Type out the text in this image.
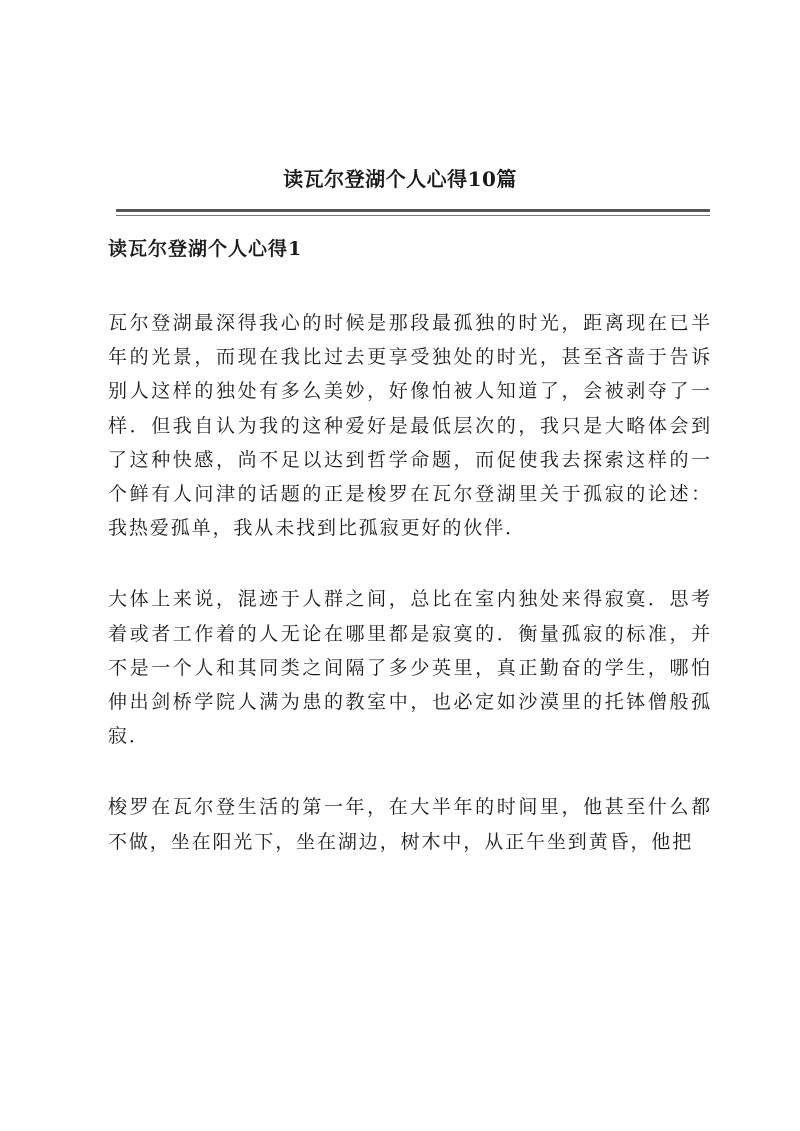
读瓦尔登湖个人心得10篇
读瓦尔登湖个人心得1

瓦尔登湖最深得我心的时候是那段最孤独的时光，距离现在已半年的光景，而现在我比过去更享受独处的时光，甚至吝啬于告诉别人这样的独处有多么美妙，好像怕被人知道了，会被剥夺了一样．但我自认为我的这种爱好是最低层次的，我只是大略体会到了这种快感，尚不足以达到哲学命题，而促使我去探索这样的一个鲜有人问津的话题的正是梭罗在瓦尔登湖里关于孤寂的论述：我热爱孤单，我从未找到比孤寂更好的伙伴．

大体上来说，混迹于人群之间，总比在室内独处来得寂寞．思考着或者工作着的人无论在哪里都是寂寞的．衡量孤寂的标准，并不是一个人和其同类之间隔了多少英里，真正勤奋的学生，哪怕伸出剑桥学院人满为患的教室中，也必定如沙漠里的托钵僧般孤寂．

梭罗在瓦尔登生活的第一年，在大半年的时间里，他甚至什么都不做，坐在阳光下，坐在湖边，树木中，从正午坐到黄昏，他把
